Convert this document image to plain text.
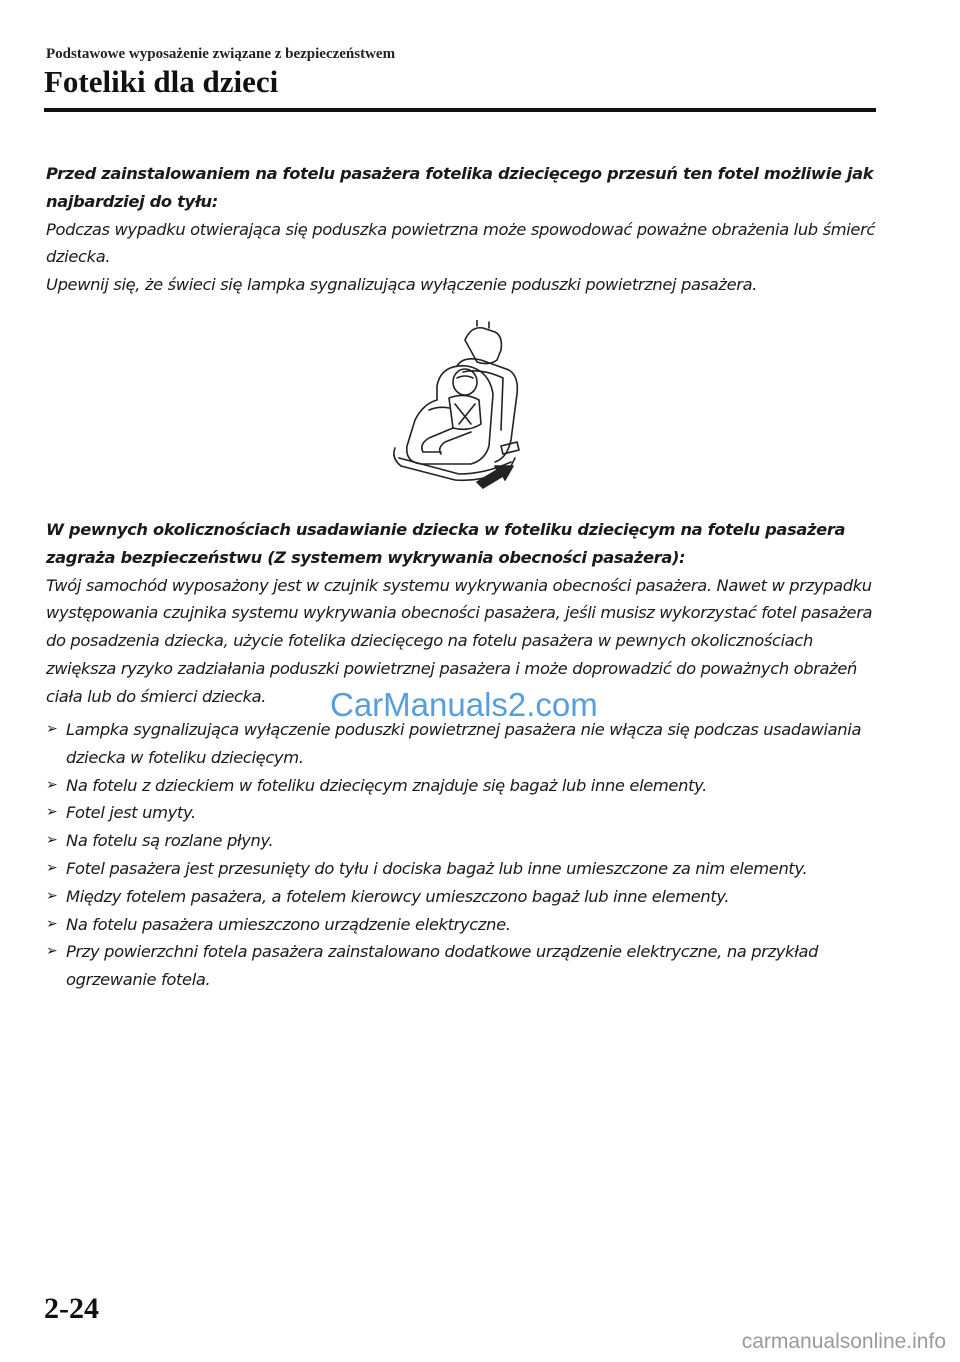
Podstawowe wyposażenie związane z bezpieczeństwem
Foteliki dla dzieci

Przed zainstalowaniem na fotelu pasażera fotelika dziecięcego przesuń ten fotel możliwie jak najbardziej do tyłu:

Podczas wypadku otwierająca się poduszka powietrzna może spowodować poważne obrażenia lub śmierć dziecka.

Upewnij się, że świeci się lampka sygnalizująca wyłączenie poduszki powietrznej pasażera.

W pewnych okolicznościach usadawianie dziecka w foteliku dziecięcym na fotelu pasażera zagraża bezpieczeństwu (Z systemem wykrywania obecności pasażera):

Twój samochód wyposażony jest w czujnik systemu wykrywania obecności pasażera. Nawet w przypadku występowania czujnika systemu wykrywania obecności pasażera, jeśli musisz wykorzystać fotel pasażera do posadzenia dziecka, użycie fotelika dziecięcego na fotelu pasażera w pewnych okolicznościach zwiększa ryzyko zadziałania poduszki powietrznej pasażera i może doprowadzić do poważnych obrażeń ciała lub do śmierci dziecka.

➢ Lampka sygnalizująca wyłączenie poduszki powietrznej pasażera nie włącza się podczas usadawiania dziecka w foteliku dziecięcym.
➢ Na fotelu z dzieckiem w foteliku dziecięcym znajduje się bagaż lub inne elementy.
➢ Fotel jest umyty.
➢ Na fotelu są rozlane płyny.
➢ Fotel pasażera jest przesunięty do tyłu i dociska bagaż lub inne umieszczone za nim elementy.
➢ Między fotelem pasażera, a fotelem kierowcy umieszczono bagaż lub inne elementy.
➢ Na fotelu pasażera umieszczono urządzenie elektryczne.
➢ Przy powierzchni fotela pasażera zainstalowano dodatkowe urządzenie elektryczne, na przykład ogrzewanie fotela.
CarManuals2.com
2-24
carmanualsonline.info
